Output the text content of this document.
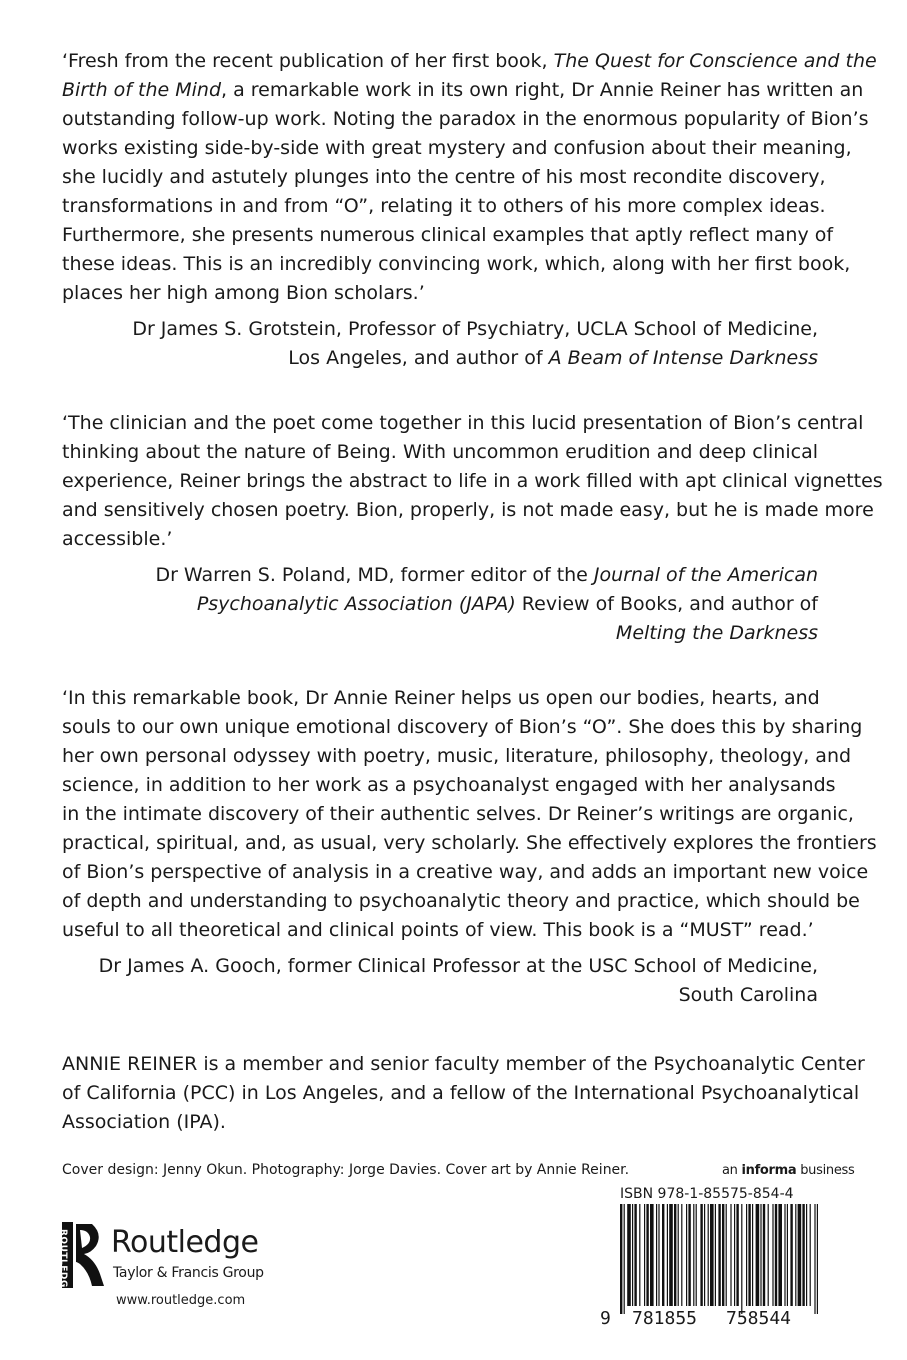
‘Fresh from the recent publication of her first book, The Quest for Conscience and the
Birth of the Mind, a remarkable work in its own right, Dr Annie Reiner has written an
outstanding follow-up work. Noting the paradox in the enormous popularity of Bion’s
works existing side-by-side with great mystery and confusion about their meaning,
she lucidly and astutely plunges into the centre of his most recondite discovery,
transformations in and from “O”, relating it to others of his more complex ideas.
Furthermore, she presents numerous clinical examples that aptly reflect many of
these ideas. This is an incredibly convincing work, which, along with her first book,
places her high among Bion scholars.’
Dr James S. Grotstein, Professor of Psychiatry, UCLA School of Medicine,
Los Angeles, and author of A Beam of Intense Darkness
‘The clinician and the poet come together in this lucid presentation of Bion’s central
thinking about the nature of Being. With uncommon erudition and deep clinical
experience, Reiner brings the abstract to life in a work filled with apt clinical vignettes
and sensitively chosen poetry. Bion, properly, is not made easy, but he is made more
accessible.’
Dr Warren S. Poland, MD, former editor of the Journal of the American
Psychoanalytic Association (JAPA) Review of Books, and author of
Melting the Darkness
‘In this remarkable book, Dr Annie Reiner helps us open our bodies, hearts, and
souls to our own unique emotional discovery of Bion’s “O”. She does this by sharing
her own personal odyssey with poetry, music, literature, philosophy, theology, and
science, in addition to her work as a psychoanalyst engaged with her analysands
in the intimate discovery of their authentic selves. Dr Reiner’s writings are organic,
practical, spiritual, and, as usual, very scholarly. She effectively explores the frontiers
of Bion’s perspective of analysis in a creative way, and adds an important new voice
of depth and understanding to psychoanalytic theory and practice, which should be
useful to all theoretical and clinical points of view. This book is a “MUST” read.’
Dr James A. Gooch, former Clinical Professor at the USC School of Medicine,
South Carolina
ANNIE REINER is a member and senior faculty member of the Psychoanalytic Center
of California (PCC) in Los Angeles, and a fellow of the International Psychoanalytical
Association (IPA).
Cover design: Jenny Okun. Photography: Jorge Davies. Cover art by Annie Reiner.	an informa business
ISBN 978-1-85575-854-4
9 781855 758544
ROUTLEDGE Routledge
Taylor & Francis Group
www.routledge.com
